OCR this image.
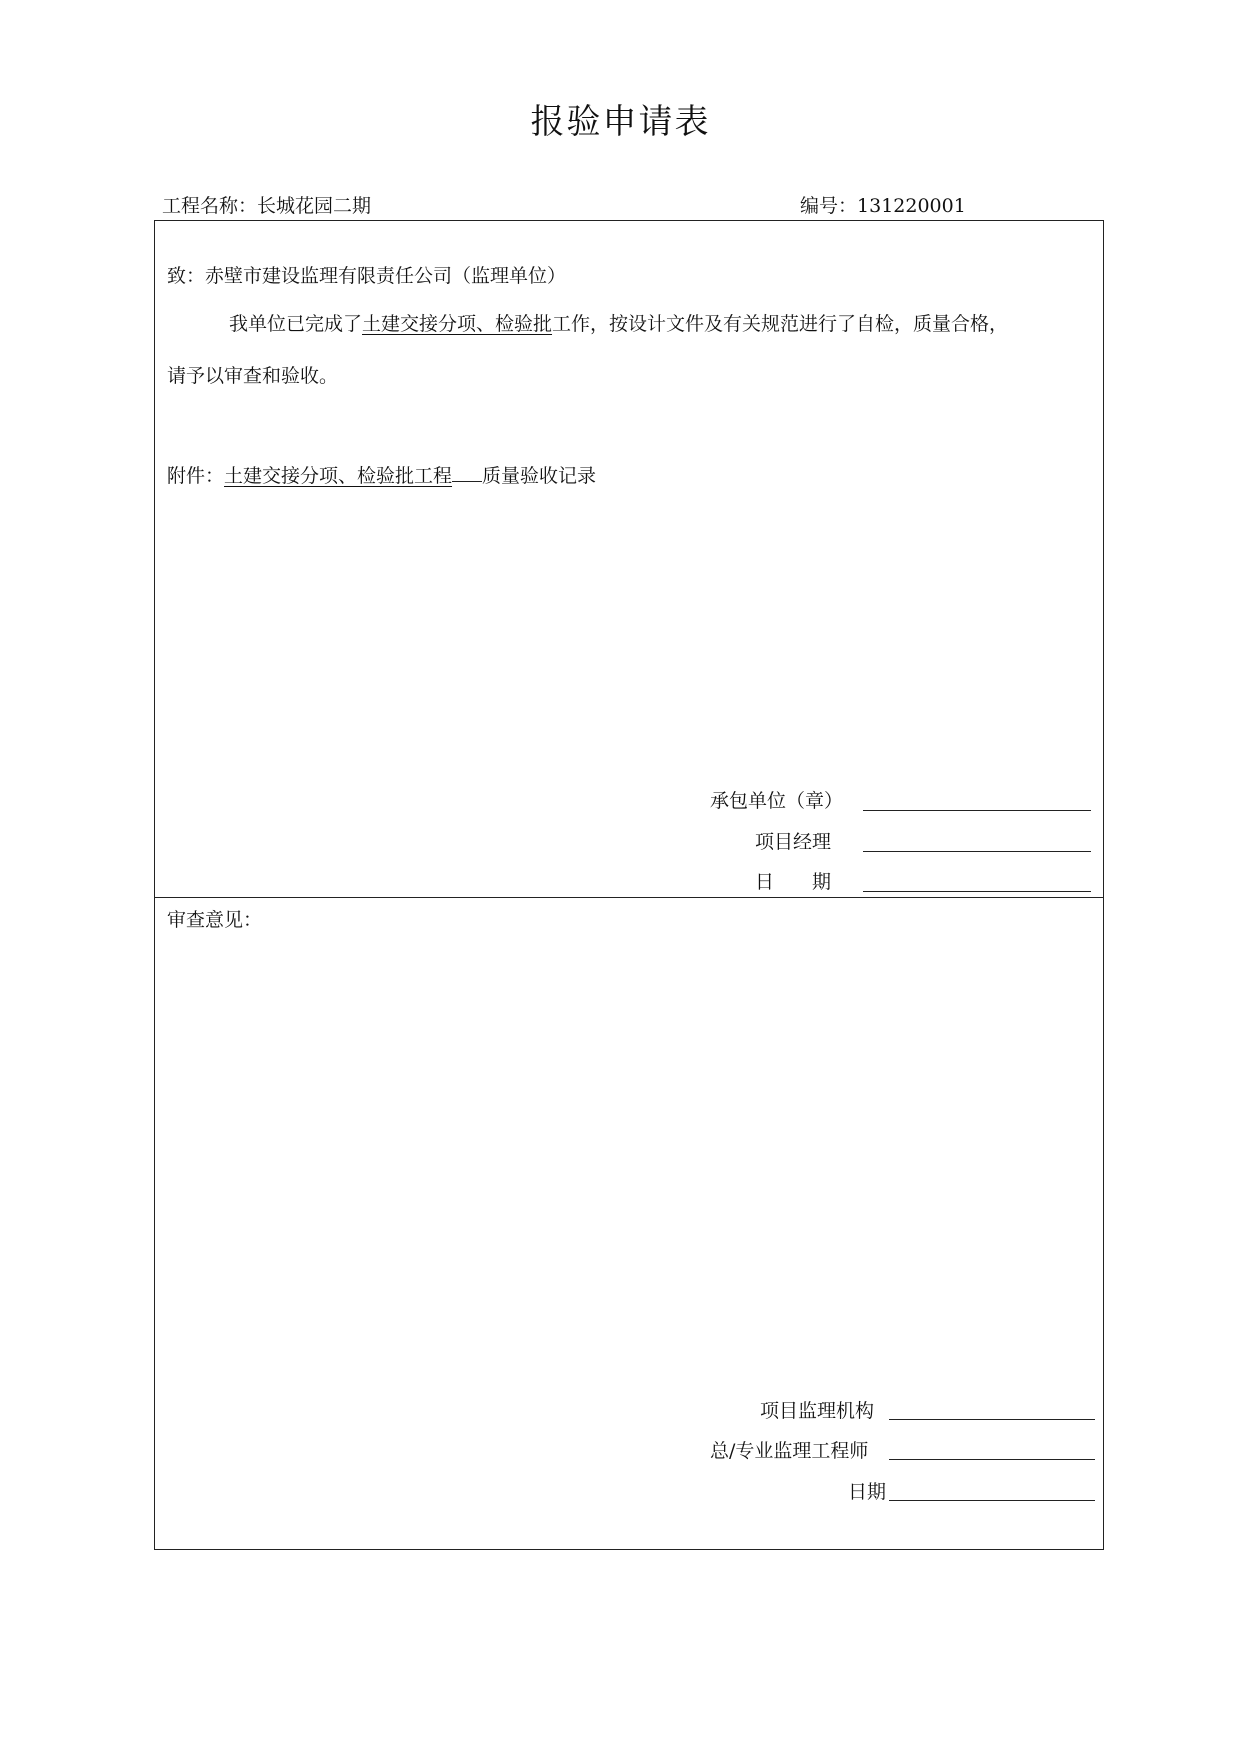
报验申请表
工程名称：长城花园二期	编号：131220001
致：赤壁市建设监理有限责任公司（监理单位）
我单位已完成了土建交接分项、检验批工作，按设计文件及有关规范进行了自检，质量合格，
请予以审查和验收。
附件：土建交接分项、检验批工程 质量验收记录
承包单位（章）
项目经理
日　　期
审查意见：
项目监理机构
总/专业监理工程师
日期
